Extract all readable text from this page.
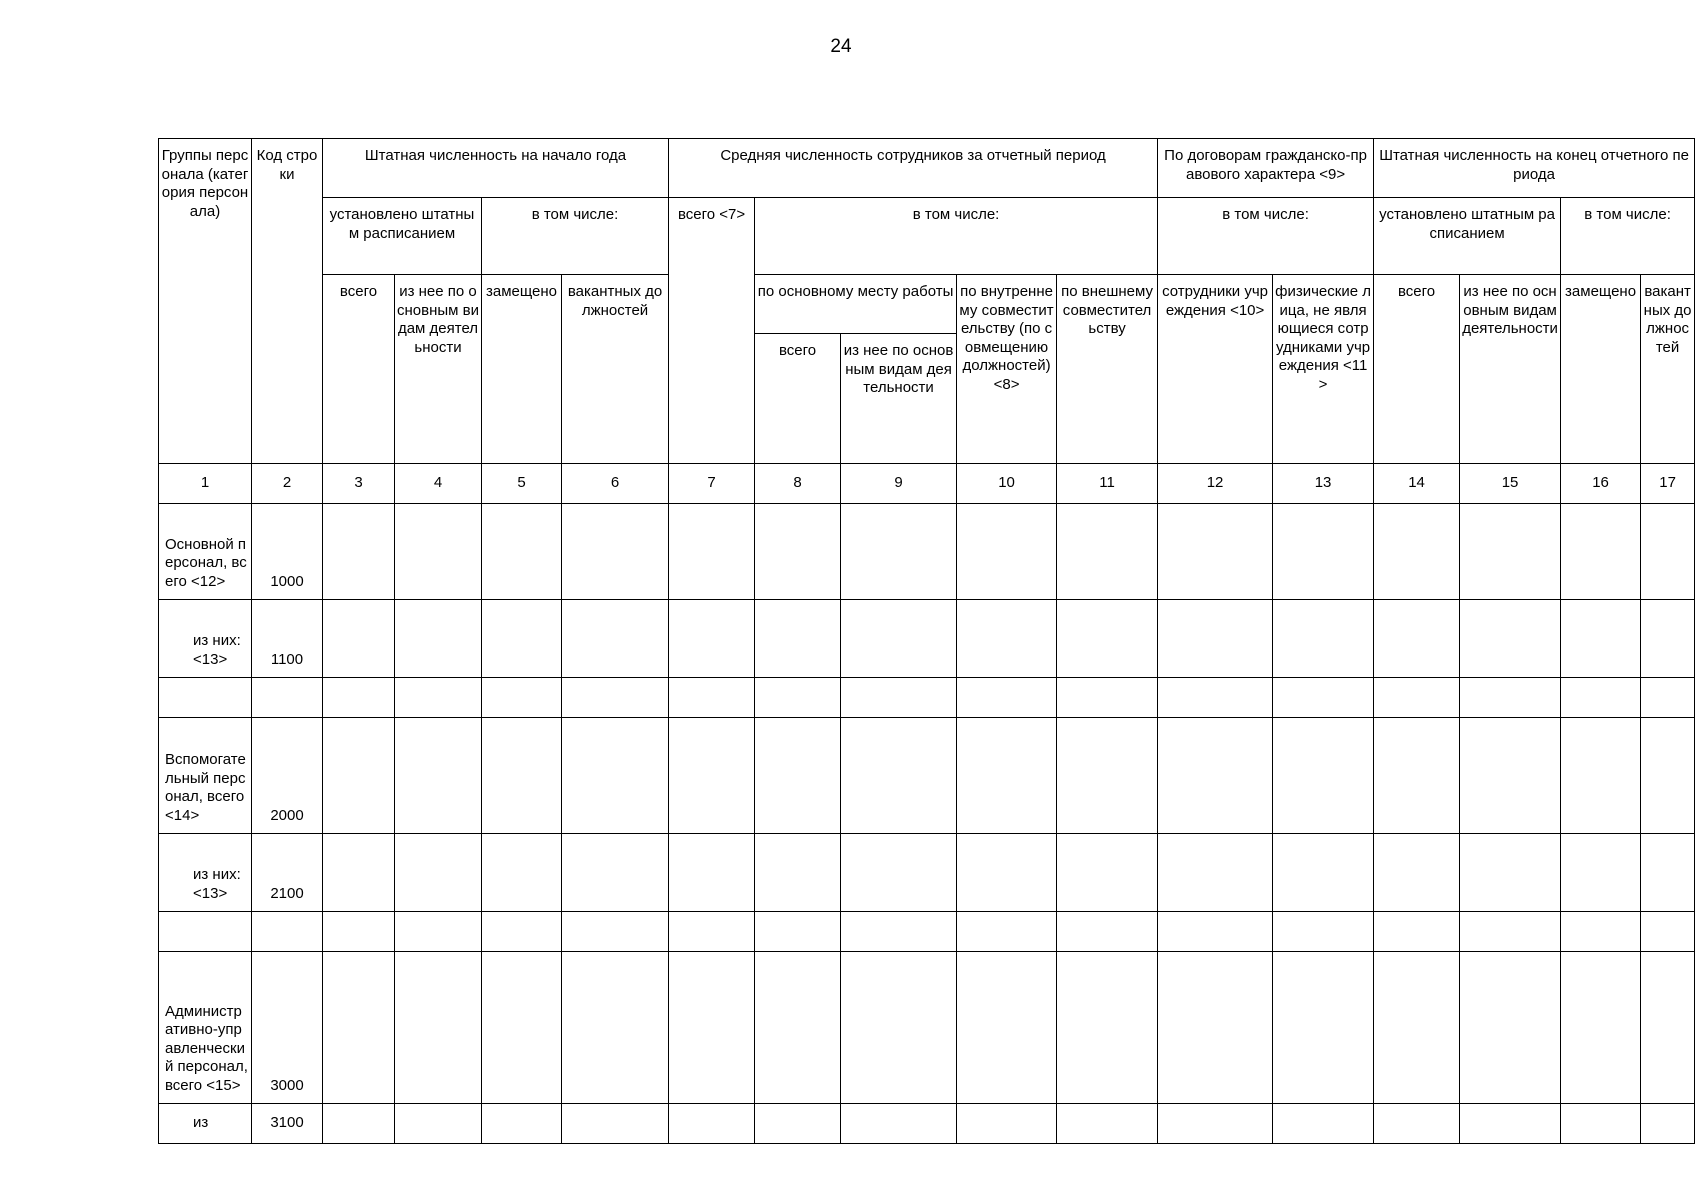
24
Группы персонала (категория персонала)	Код строки	Штатная численность на начало года				Средняя численность сотрудников за отчетный период					По договорам гражданско-правового характера <9>		Штатная численность на конец отчетного периода			
		установлено штатным расписанием		в том числе:		всего <7>	в том числе:				в том числе:		установлено штатным расписанием		в том числе:	
		всего	из нее по основным видам деятельности	замещено	вакантных должностей		по основному месту работы		по внутреннему совместительству (по совмещению должностей) <8>	по внешнему совместительству	сотрудники учреждения <10>	физические лица, не являющиеся сотрудниками учреждения <11>	всего	из нее по основным видам деятельности	замещено	вакантных должностей
							всего	из нее по основным видам деятельности								
1	2	3	4	5	6	7	8	9	10	11	12	13	14	15	16	17
Основной персонал, всего <12>	1000															
из них: <13>	1100															

Вспомогательный персонал, всего <14>	2000															
из них: <13>	2100															

Административно-управленческий персонал, всего <15>	3000															
из	3100															
